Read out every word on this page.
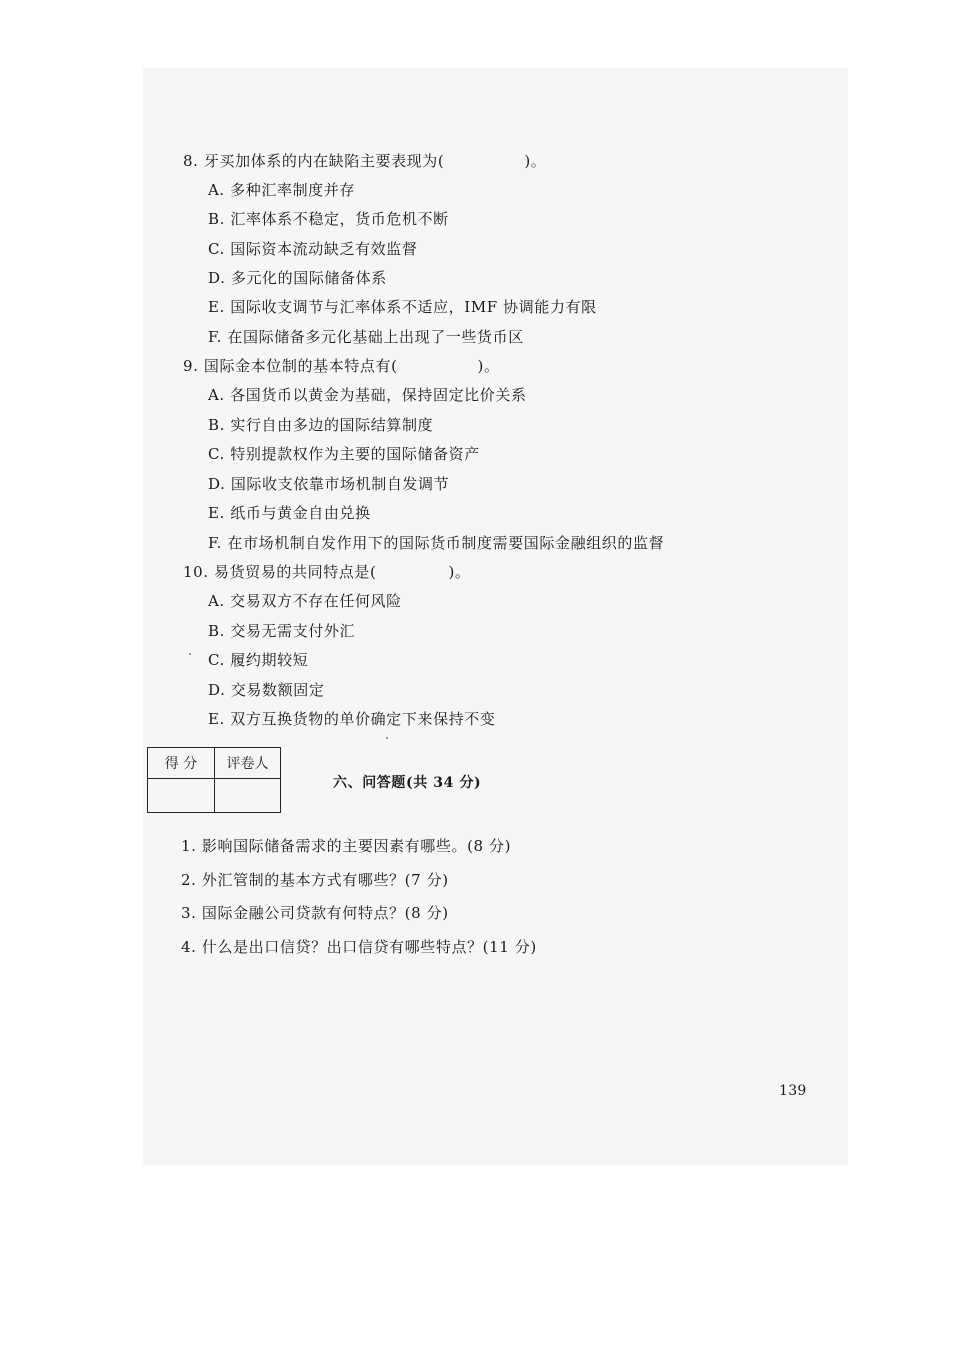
8. 牙买加体系的内在缺陷主要表现为(	)。
A. 多种汇率制度并存
B. 汇率体系不稳定，货币危机不断
C. 国际资本流动缺乏有效监督
D. 多元化的国际储备体系
E. 国际收支调节与汇率体系不适应，IMF 协调能力有限
F. 在国际储备多元化基础上出现了一些货币区
9. 国际金本位制的基本特点有(	)。
A. 各国货币以黄金为基础，保持固定比价关系
B. 实行自由多边的国际结算制度
C. 特别提款权作为主要的国际储备资产
D. 国际收支依靠市场机制自发调节
E. 纸币与黄金自由兑换
F. 在市场机制自发作用下的国际货币制度需要国际金融组织的监督
10. 易货贸易的共同特点是(	)。
A. 交易双方不存在任何风险
B. 交易无需支付外汇
C. 履约期较短
D. 交易数额固定
E. 双方互换货物的单价确定下来保持不变
得 分	评卷人

六、问答题(共 34 分)
1. 影响国际储备需求的主要因素有哪些。(8 分)
2. 外汇管制的基本方式有哪些？(7 分)
3. 国际金融公司贷款有何特点？(8 分)
4. 什么是出口信贷？出口信贷有哪些特点？(11 分)
139
